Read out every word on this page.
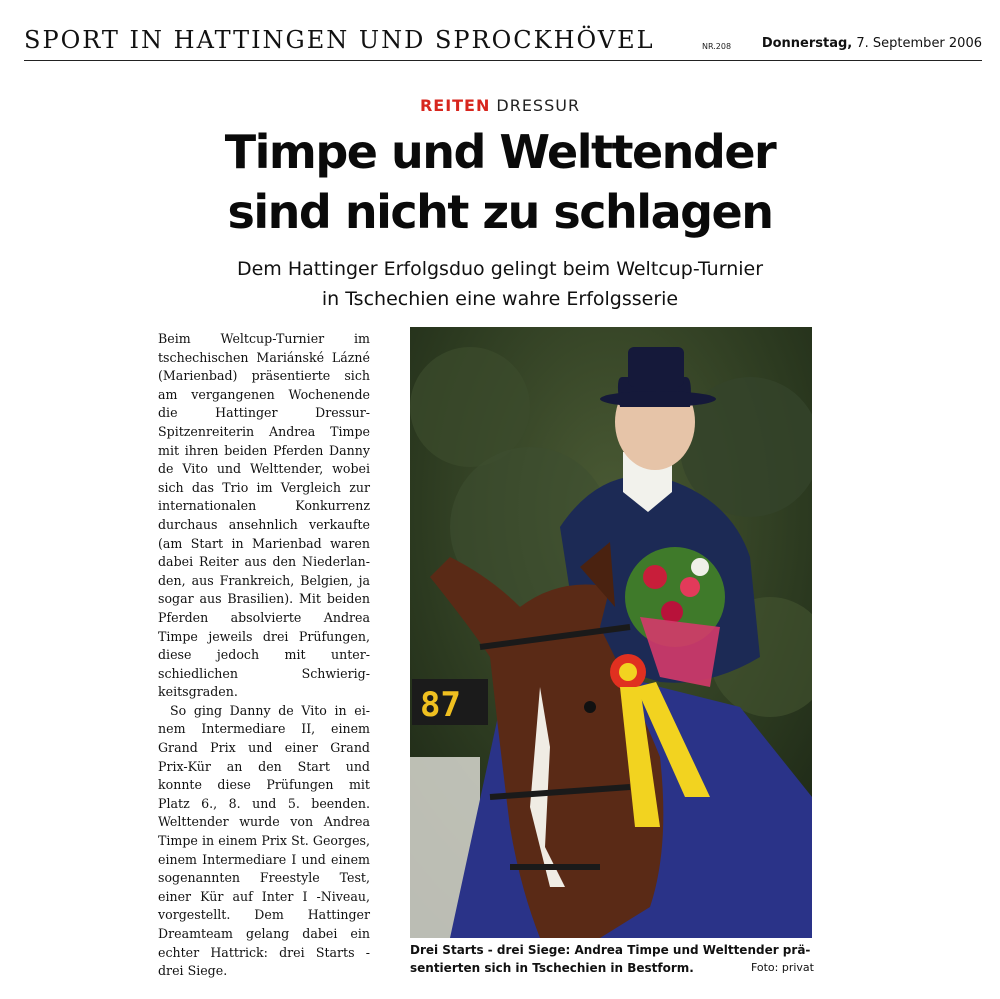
SPORT IN HATTINGEN UND SPROCKHÖVEL	NR.208 Donnerstag, 7. September 2006
REITEN DRESSUR
Timpe und Welttender
sind nicht zu schlagen
Dem Hattinger Erfolgsduo gelingt beim Weltcup-Turnier
in Tschechien eine wahre Erfolgsserie

Beim Weltcup-Turnier im tschechischen Mariánské Lázné (Marienbad) präsentierte sich am vergangenen Wochenende die Hattinger Dressur-Spitzenreiterin Andrea Timpe mit ihren beiden Pferden Danny de Vito und Welttender, wobei sich das Trio im Vergleich zur internationalen Konkurrenz durchaus ansehnlich verkaufte (am Start in Marienbad waren dabei Reiter aus den Niederlanden, aus Frankreich, Belgien, ja sogar aus Brasilien). Mit beiden Pferden absolvierte Andrea Timpe jeweils drei Prüfungen, diese jedoch mit unterschiedlichen Schwierigkeitsgraden.

So ging Danny de Vito in einem Intermediare II, einem Grand Prix und einer Grand Prix-Kür an den Start und konnte diese Prüfungen mit Platz 6., 8. und 5. beenden. Welttender wurde von Andrea Timpe in einem Prix St. Georges, einem Intermediare I und einem sogenannten Freestyle Test, einer Kür auf Inter I -Niveau, vorgestellt. Dem Hattinger Dreamteam gelang dabei ein echter Hattrick: drei Starts - drei Siege.

87
Drei Starts - drei Siege: Andrea Timpe und Welttender präsentierten sich in Tschechien in Bestform.	Foto: privat
